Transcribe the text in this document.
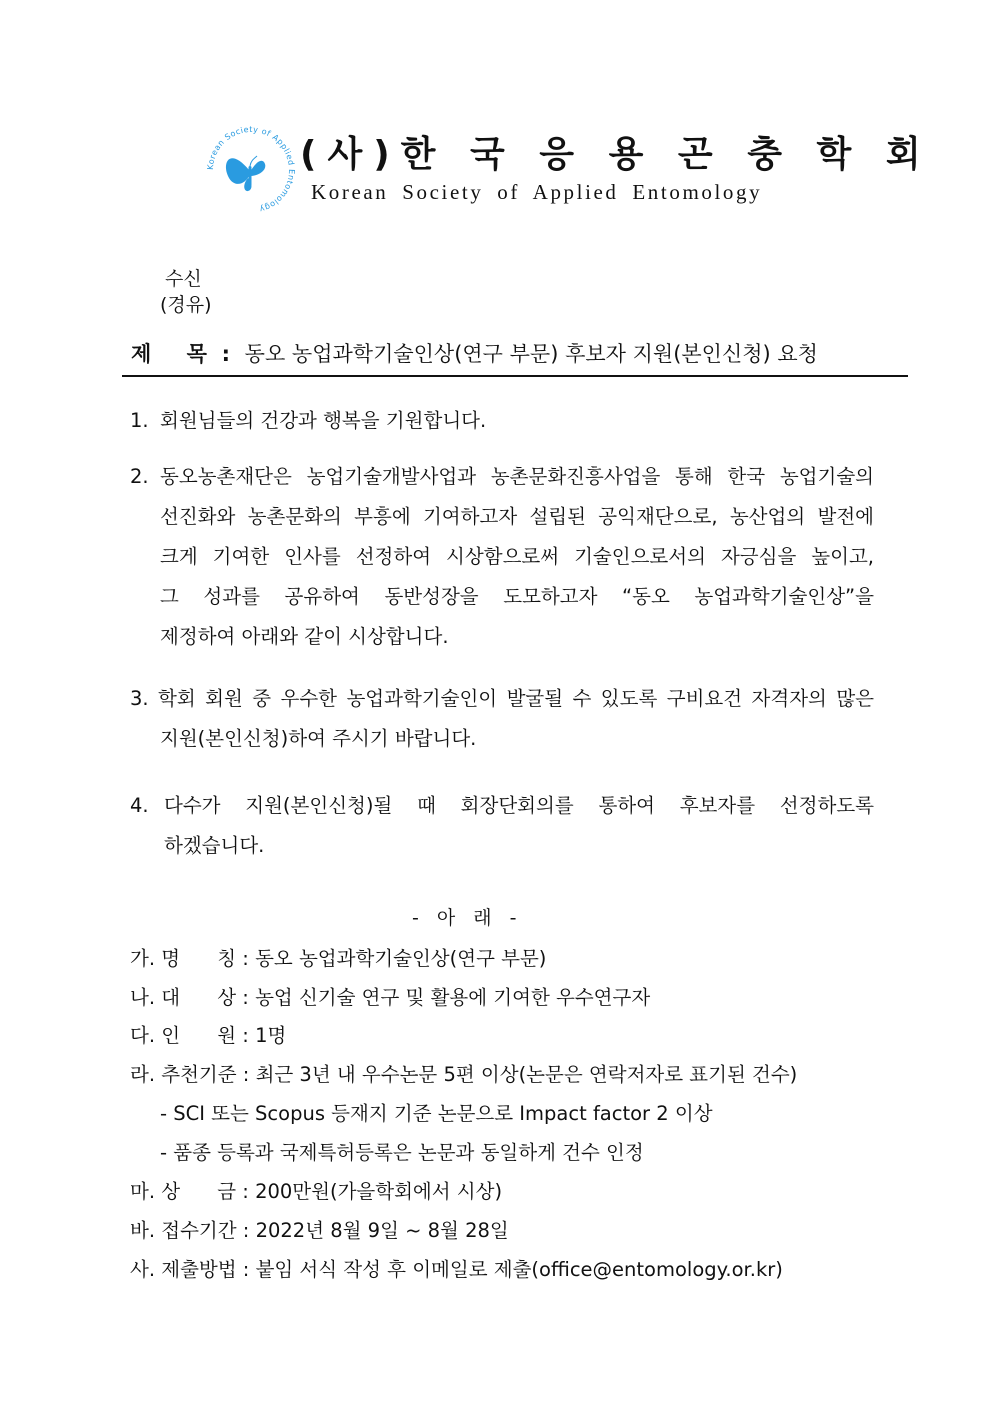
Korean Society of Applied Entomology
(사)한 국 응 용 곤 충 학 회
Korean Society of Applied Entomology
수신
(경유)
제 목 : 동오 농업과학기술인상(연구 부문) 후보자 지원(본인신청) 요청
1. 회원님들의 건강과 행복을 기원합니다.
2. 동오농촌재단은 농업기술개발사업과 농촌문화진흥사업을 통해 한국 농업기술의
선진화와 농촌문화의 부흥에 기여하고자 설립된 공익재단으로, 농산업의 발전에
크게 기여한 인사를 선정하여 시상함으로써 기술인으로서의 자긍심을 높이고,
그 성과를 공유하여 동반성장을 도모하고자 “동오 농업과학기술인상”을
제정하여 아래와 같이 시상합니다.
3. 학회 회원 중 우수한 농업과학기술인이 발굴될 수 있도록 구비요건 자격자의 많은
지원(본인신청)하여 주시기 바랍니다.
4. 다수가 지원(본인신청)될 때 회장단회의를 통하여 후보자를 선정하도록
하겠습니다.
- 아 래 -
가. 명      칭 : 동오 농업과학기술인상(연구 부문)
나. 대      상 : 농업 신기술 연구 및 활용에 기여한 우수연구자
다. 인      원 : 1명
라. 추천기준 : 최근 3년 내 우수논문 5편 이상(논문은 연락저자로 표기된 건수)
- SCI 또는 Scopus 등재지 기준 논문으로 Impact factor 2 이상
- 품종 등록과 국제특허등록은 논문과 동일하게 건수 인정
마. 상      금 : 200만원(가을학회에서 시상)
바. 접수기간 : 2022년 8월 9일 ~ 8월 28일
사. 제출방법 : 붙임 서식 작성 후 이메일로 제출(office@entomology.or.kr)
